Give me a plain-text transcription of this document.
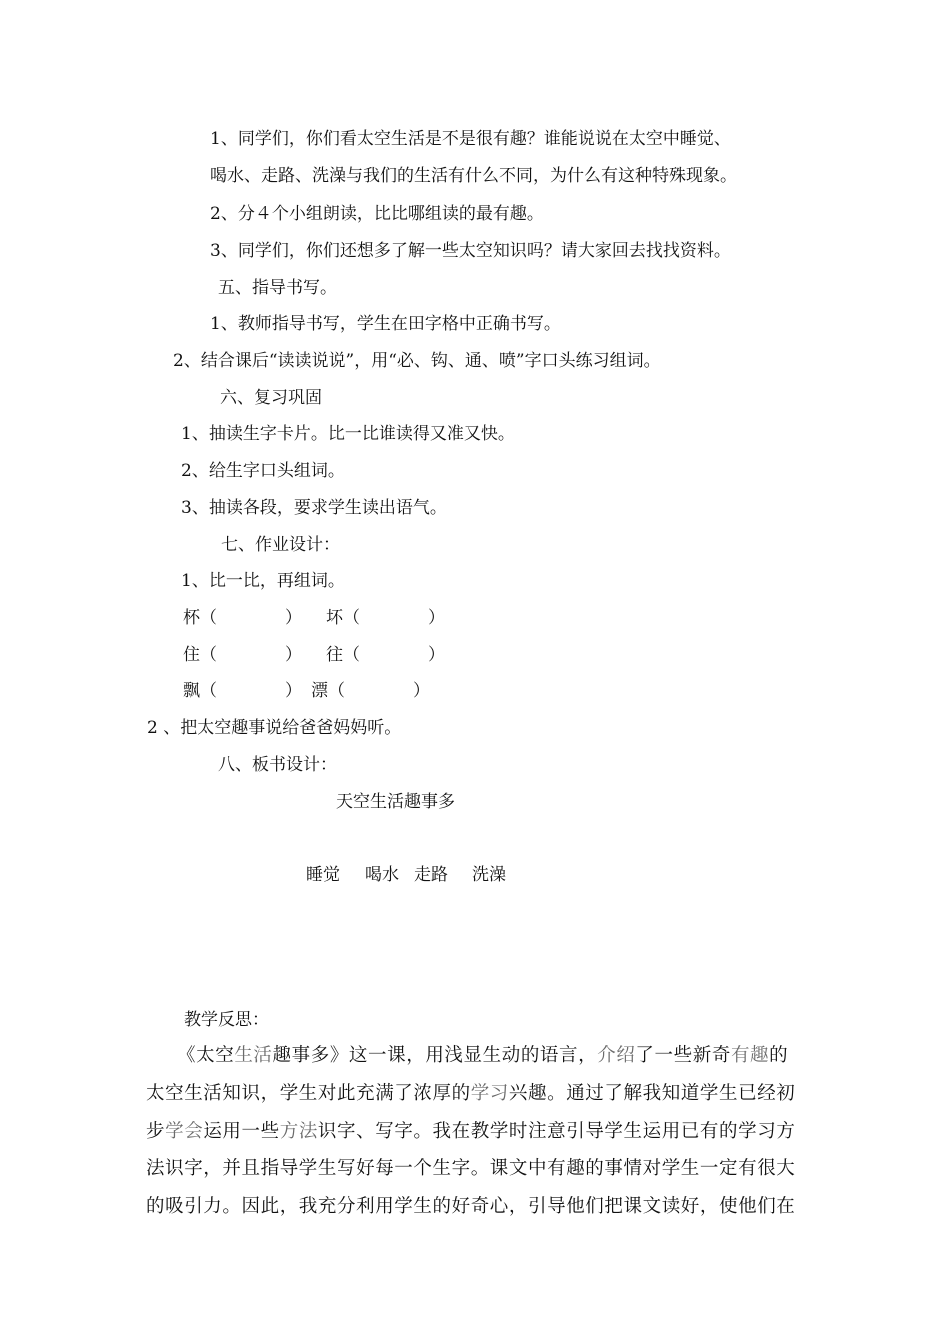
1、同学们，你们看太空生活是不是很有趣？谁能说说在太空中睡觉、
喝水、走路、洗澡与我们的生活有什么不同，为什么有这种特殊现象。
2、分４个小组朗读，比比哪组读的最有趣。
3、同学们，你们还想多了解一些太空知识吗？请大家回去找找资料。
五、指导书写。
1、教师指导书写，学生在田字格中正确书写。
2、结合课后“读读说说”，用“必、钩、通、喷”字口头练习组词。
六、复习巩固
1、抽读生字卡片。比一比谁读得又准又快。
2、给生字口头组词。
3、抽读各段，要求学生读出语气。
七、作业设计：
1、比一比，再组词。
杯（　　　　） 坏（　　　　）
住（　　　　） 往（　　　　）
飘（　　　　） 漂（　　　　）
2 、把太空趣事说给爸爸妈妈听。
八、板书设计：
天空生活趣事多
睡觉 喝水 走路 洗澡
教学反思：
《太空生活趣事多》这一课，用浅显生动的语言，介绍了一些新奇有趣的
太空生活知识，学生对此充满了浓厚的学习兴趣。通过了解我知道学生已经初
步学会运用一些方法识字、写字。我在教学时注意引导学生运用已有的学习方
法识字，并且指导学生写好每一个生字。课文中有趣的事情对学生一定有很大
的吸引力。因此，我充分利用学生的好奇心，引导他们把课文读好，使他们在
